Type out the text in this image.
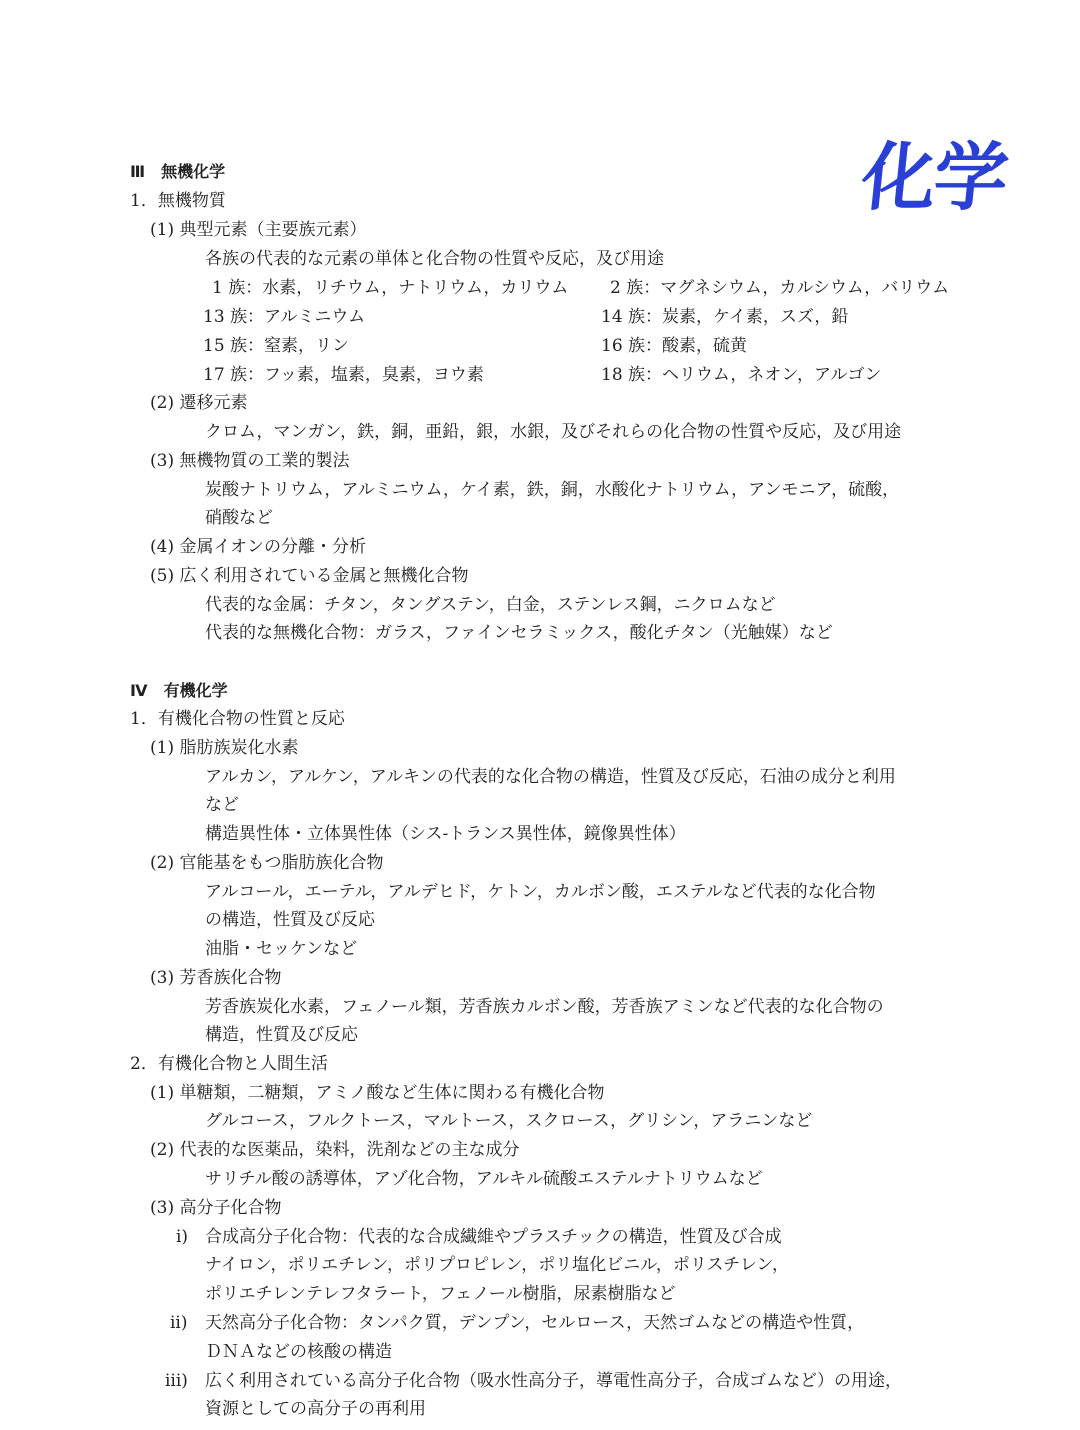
化学
Ⅲ　無機化学
1．無機物質
(1) 典型元素（主要族元素）
各族の代表的な元素の単体と化合物の性質や反応，及び用途
1 族：水素，リチウム，ナトリウム，カリウム 2 族：マグネシウム，カルシウム，バリウム
13 族：アルミニウム	14 族：炭素，ケイ素，スズ，鉛
15 族：窒素，リン	16 族：酸素，硫黄
17 族：フッ素，塩素，臭素，ヨウ素	18 族：ヘリウム，ネオン，アルゴン
(2) 遷移元素
クロム，マンガン，鉄，銅，亜鉛，銀，水銀，及びそれらの化合物の性質や反応，及び用途
(3) 無機物質の工業的製法
炭酸ナトリウム，アルミニウム，ケイ素，鉄，銅，水酸化ナトリウム，アンモニア，硫酸，
硝酸など
(4) 金属イオンの分離・分析
(5) 広く利用されている金属と無機化合物
代表的な金属：チタン，タングステン，白金，ステンレス鋼，ニクロムなど
代表的な無機化合物：ガラス，ファインセラミックス，酸化チタン（光触媒）など
Ⅳ　有機化学
1．有機化合物の性質と反応
(1) 脂肪族炭化水素
アルカン，アルケン，アルキンの代表的な化合物の構造，性質及び反応，石油の成分と利用
など
構造異性体・立体異性体（シス-トランス異性体，鏡像異性体）
(2) 官能基をもつ脂肪族化合物
アルコール，エーテル，アルデヒド，ケトン，カルボン酸，エステルなど代表的な化合物
の構造，性質及び反応
油脂・セッケンなど
(3) 芳香族化合物
芳香族炭化水素，フェノール類，芳香族カルボン酸，芳香族アミンなど代表的な化合物の
構造，性質及び反応
2．有機化合物と人間生活
(1) 単糖類，二糖類，アミノ酸など生体に関わる有機化合物
グルコース，フルクトース，マルトース，スクロース，グリシン，アラニンなど
(2) 代表的な医薬品，染料，洗剤などの主な成分
サリチル酸の誘導体，アゾ化合物，アルキル硫酸エステルナトリウムなど
(3) 高分子化合物
i) 合成高分子化合物：代表的な合成繊維やプラスチックの構造，性質及び合成
ナイロン，ポリエチレン，ポリプロピレン，ポリ塩化ビニル，ポリスチレン，
ポリエチレンテレフタラート，フェノール樹脂，尿素樹脂など
ii) 天然高分子化合物：タンパク質，デンプン，セルロース，天然ゴムなどの構造や性質，
ＤＮＡなどの核酸の構造
iii) 広く利用されている高分子化合物（吸水性高分子，導電性高分子，合成ゴムなど）の用途，
資源としての高分子の再利用
